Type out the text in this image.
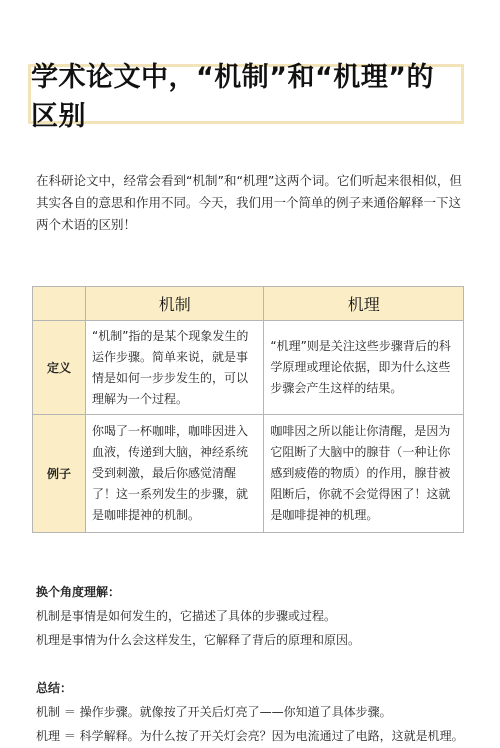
学术论文中，“机制”和“机理”的区别
在科研论文中，经常会看到“机制”和“机理”这两个词。它们听起来很相似，但其实各自的意思和作用不同。今天，我们用一个简单的例子来通俗解释一下这两个术语的区别！
	机制	机理
定义	“机制”指的是某个现象发生的运作步骤。简单来说，就是事情是如何一步步发生的，可以理解为一个过程。	“机理”则是关注这些步骤背后的科学原理或理论依据，即为什么这些步骤会产生这样的结果。
例子	你喝了一杯咖啡，咖啡因进入血液，传递到大脑，神经系统受到刺激，最后你感觉清醒了！这一系列发生的步骤，就是咖啡提神的机制。	咖啡因之所以能让你清醒，是因为它阻断了大脑中的腺苷（一种让你感到疲倦的物质）的作用，腺苷被阻断后，你就不会觉得困了！这就是咖啡提神的机理。
换个角度理解：
机制是事情是如何发生的，它描述了具体的步骤或过程。
机理是事情为什么会这样发生，它解释了背后的原理和原因。
总结：
机制 ＝ 操作步骤。就像按了开关后灯亮了——你知道了具体步骤。
机理 ＝ 科学解释。为什么按了开关灯会亮？因为电流通过了电路，这就是机理。
